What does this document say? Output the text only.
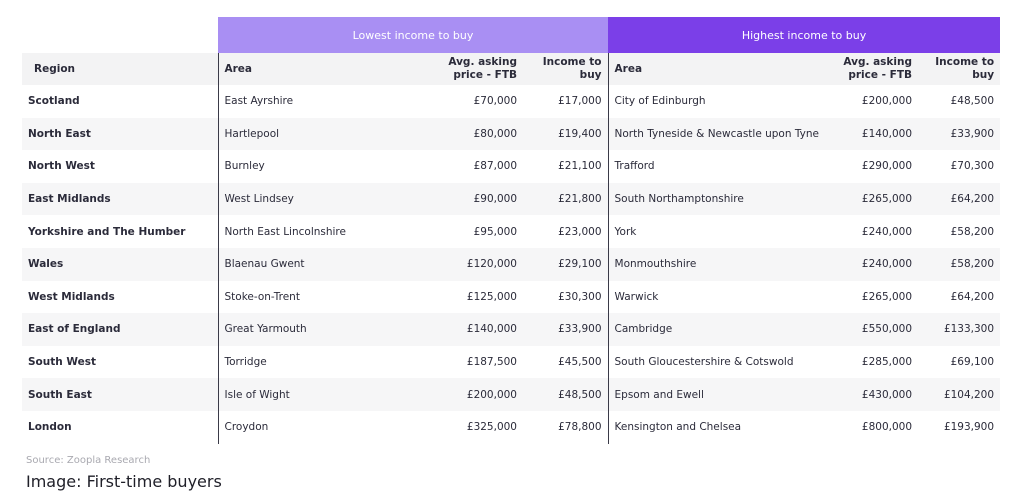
	Lowest income to buy			Highest income to buy		
Region	Area	Avg. asking price - FTB	Income to buy	Area	Avg. asking price - FTB	Income to buy
Scotland	East Ayrshire	£70,000	£17,000	City of Edinburgh	£200,000	£48,500
North East	Hartlepool	£80,000	£19,400	North Tyneside & Newcastle upon Tyne	£140,000	£33,900
North West	Burnley	£87,000	£21,100	Trafford	£290,000	£70,300
East Midlands	West Lindsey	£90,000	£21,800	South Northamptonshire	£265,000	£64,200
Yorkshire and The Humber	North East Lincolnshire	£95,000	£23,000	York	£240,000	£58,200
Wales	Blaenau Gwent	£120,000	£29,100	Monmouthshire	£240,000	£58,200
West Midlands	Stoke-on-Trent	£125,000	£30,300	Warwick	£265,000	£64,200
East of England	Great Yarmouth	£140,000	£33,900	Cambridge	£550,000	£133,300
South West	Torridge	£187,500	£45,500	South Gloucestershire & Cotswold	£285,000	£69,100
South East	Isle of Wight	£200,000	£48,500	Epsom and Ewell	£430,000	£104,200
London	Croydon	£325,000	£78,800	Kensington and Chelsea	£800,000	£193,900
Source: Zoopla Research
Image: First-time buyers
